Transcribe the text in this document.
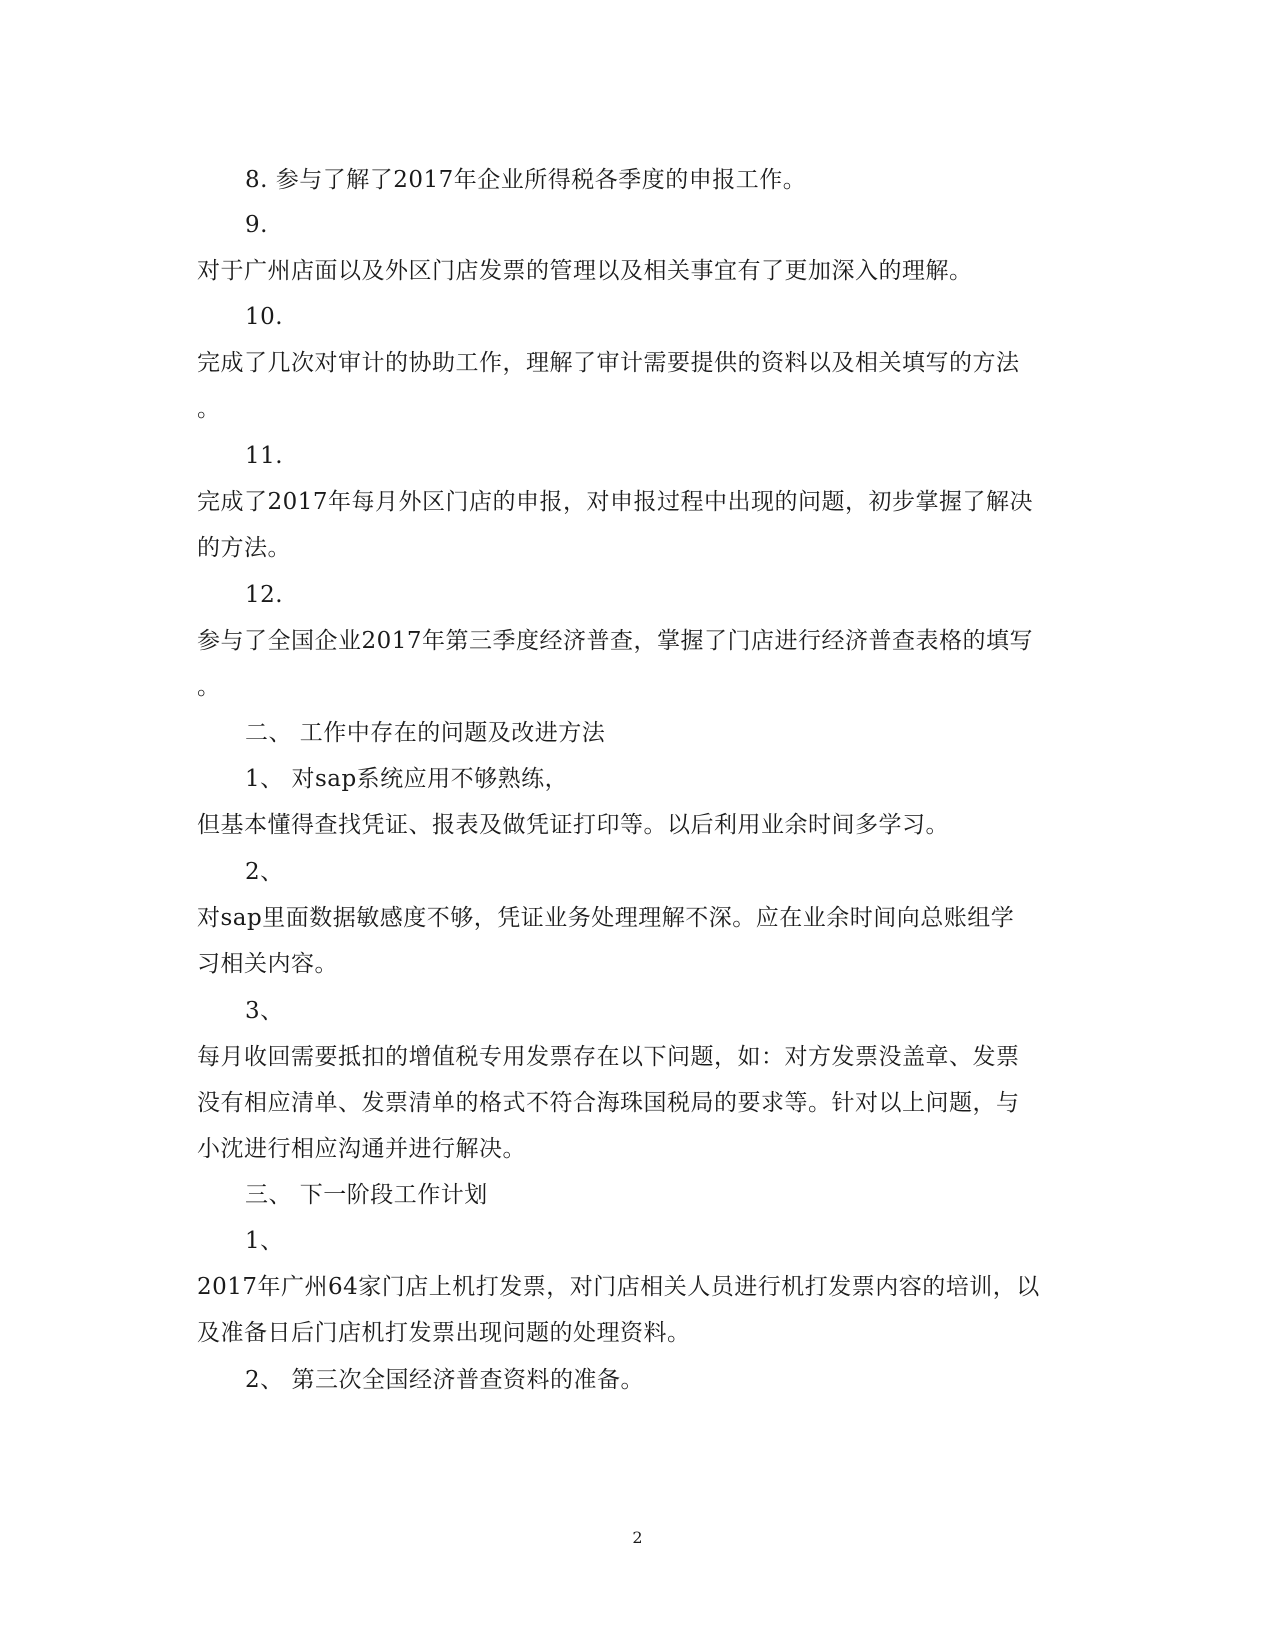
8. 参与了解了2017年企业所得税各季度的申报工作。
9.
对于广州店面以及外区门店发票的管理以及相关事宜有了更加深入的理解。
10.
完成了几次对审计的协助工作，理解了审计需要提供的资料以及相关填写的方法
。
11.
完成了2017年每月外区门店的申报，对申报过程中出现的问题，初步掌握了解决
的方法。
12.
参与了全国企业2017年第三季度经济普查，掌握了门店进行经济普查表格的填写
。
二、 工作中存在的问题及改进方法
1、 对sap系统应用不够熟练，
但基本懂得查找凭证、报表及做凭证打印等。以后利用业余时间多学习。
2、
对sap里面数据敏感度不够，凭证业务处理理解不深。应在业余时间向总账组学
习相关内容。
3、
每月收回需要抵扣的增值税专用发票存在以下问题，如：对方发票没盖章、发票
没有相应清单、发票清单的格式不符合海珠国税局的要求等。针对以上问题，与
小沈进行相应沟通并进行解决。
三、 下一阶段工作计划
1、
2017年广州64家门店上机打发票，对门店相关人员进行机打发票内容的培训，以
及准备日后门店机打发票出现问题的处理资料。
2、 第三次全国经济普查资料的准备。
2
